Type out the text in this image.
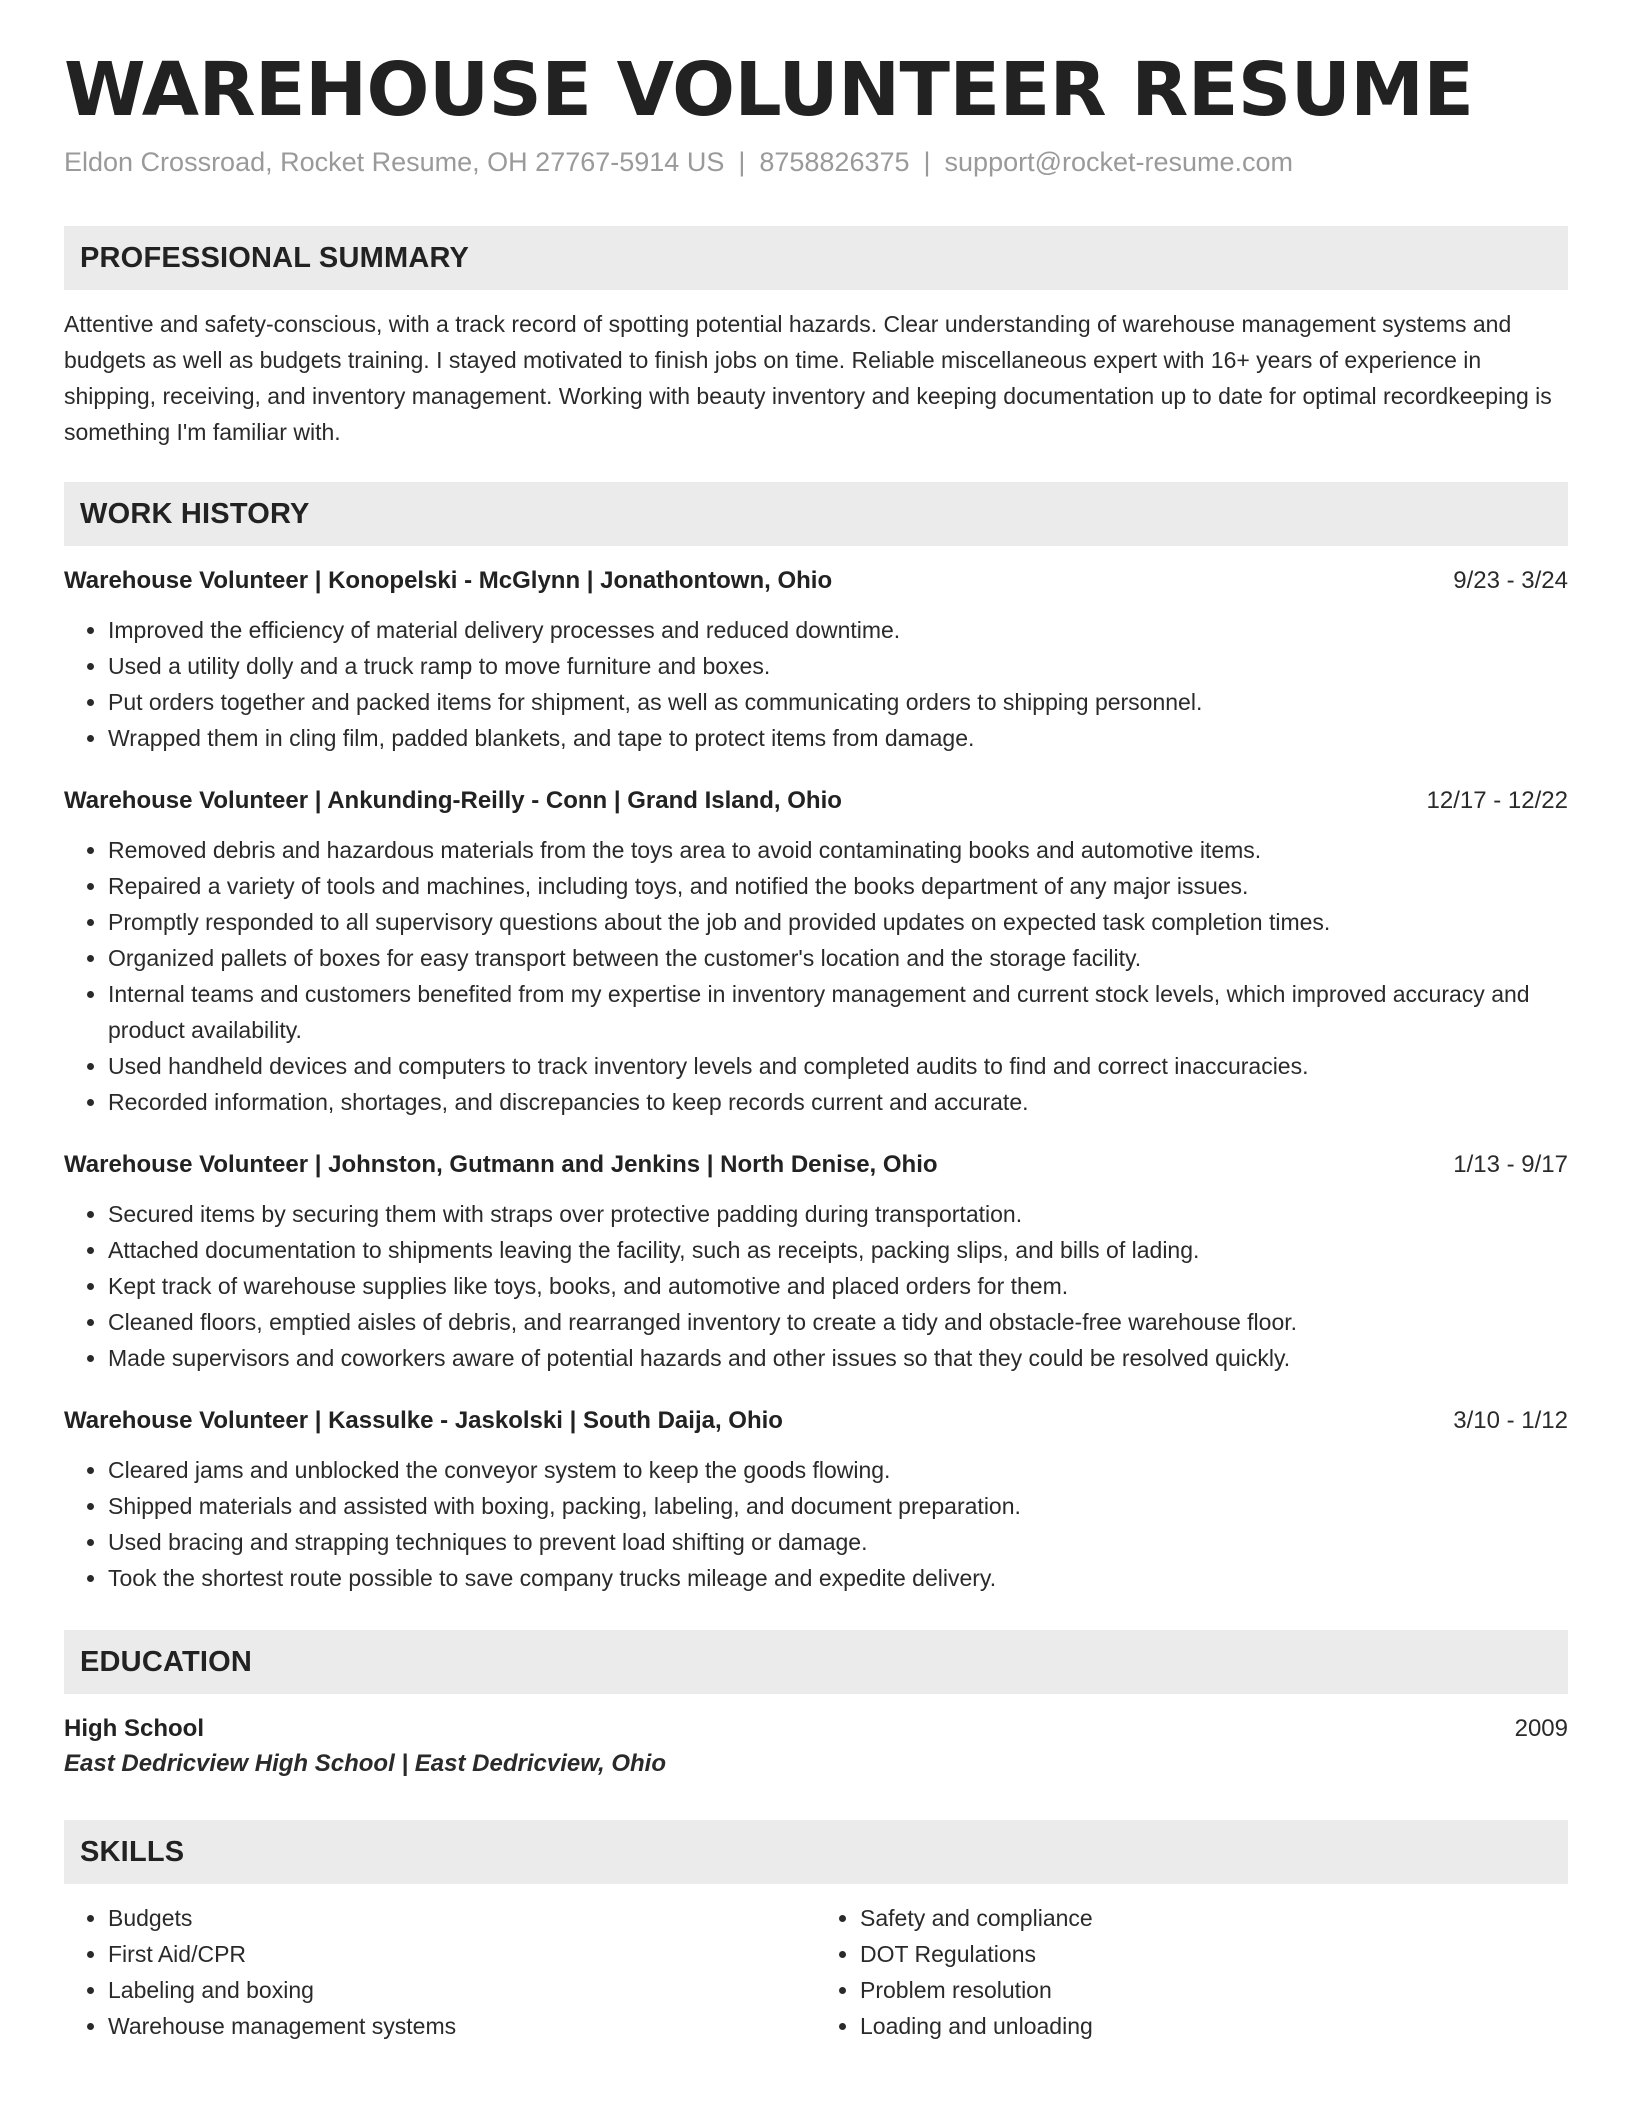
WAREHOUSE VOLUNTEER RESUME
Eldon Crossroad, Rocket Resume, OH 27767-5914 US | 8758826375 | support@rocket-resume.com
PROFESSIONAL SUMMARY

Attentive and safety-conscious, with a track record of spotting potential hazards. Clear understanding of warehouse management systems and budgets as well as budgets training. I stayed motivated to finish jobs on time. Reliable miscellaneous expert with 16+ years of experience in shipping, receiving, and inventory management. Working with beauty inventory and keeping documentation up to date for optimal recordkeeping is something I'm familiar with.

WORK HISTORY
Warehouse Volunteer | Konopelski - McGlynn | Jonathontown, Ohio	9/23 - 3/24
• Improved the efficiency of material delivery processes and reduced downtime.
• Used a utility dolly and a truck ramp to move furniture and boxes.
• Put orders together and packed items for shipment, as well as communicating orders to shipping personnel.
• Wrapped them in cling film, padded blankets, and tape to protect items from damage.
Warehouse Volunteer | Ankunding-Reilly - Conn | Grand Island, Ohio	12/17 - 12/22
• Removed debris and hazardous materials from the toys area to avoid contaminating books and automotive items.
• Repaired a variety of tools and machines, including toys, and notified the books department of any major issues.
• Promptly responded to all supervisory questions about the job and provided updates on expected task completion times.
• Organized pallets of boxes for easy transport between the customer's location and the storage facility.
• Internal teams and customers benefited from my expertise in inventory management and current stock levels, which improved accuracy and product availability.
• Used handheld devices and computers to track inventory levels and completed audits to find and correct inaccuracies.
• Recorded information, shortages, and discrepancies to keep records current and accurate.
Warehouse Volunteer | Johnston, Gutmann and Jenkins | North Denise, Ohio	1/13 - 9/17
• Secured items by securing them with straps over protective padding during transportation.
• Attached documentation to shipments leaving the facility, such as receipts, packing slips, and bills of lading.
• Kept track of warehouse supplies like toys, books, and automotive and placed orders for them.
• Cleaned floors, emptied aisles of debris, and rearranged inventory to create a tidy and obstacle-free warehouse floor.
• Made supervisors and coworkers aware of potential hazards and other issues so that they could be resolved quickly.
Warehouse Volunteer | Kassulke - Jaskolski | South Daija, Ohio	3/10 - 1/12
• Cleared jams and unblocked the conveyor system to keep the goods flowing.
• Shipped materials and assisted with boxing, packing, labeling, and document preparation.
• Used bracing and strapping techniques to prevent load shifting or damage.
• Took the shortest route possible to save company trucks mileage and expedite delivery.
EDUCATION
High School	2009
East Dedricview High School | East Dedricview, Ohio
SKILLS
• Budgets
• First Aid/CPR
• Labeling and boxing
• Warehouse management systems
• Safety and compliance
• DOT Regulations
• Problem resolution
• Loading and unloading
